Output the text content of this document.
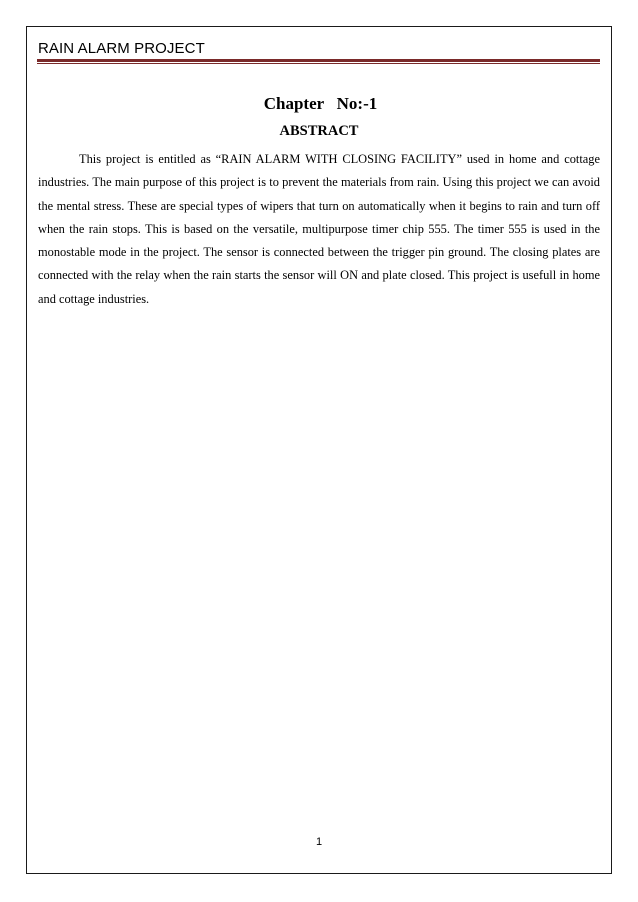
RAIN ALARM PROJECT
Chapter   No:-1
ABSTRACT

This project is entitled as “RAIN ALARM WITH CLOSING FACILITY” used in home and cottage industries. The main purpose of this project is to prevent the materials from rain. Using this project we can avoid the mental stress. These are special types of wipers that turn on automatically when it begins to rain and turn off when the rain stops. This is based on the versatile, multipurpose timer chip 555. The timer 555 is used in the monostable mode in the project. The sensor is connected between the trigger pin ground. The closing plates are connected with the relay when the rain starts the sensor will ON and plate closed. This project is usefull in home and cottage industries.

1
